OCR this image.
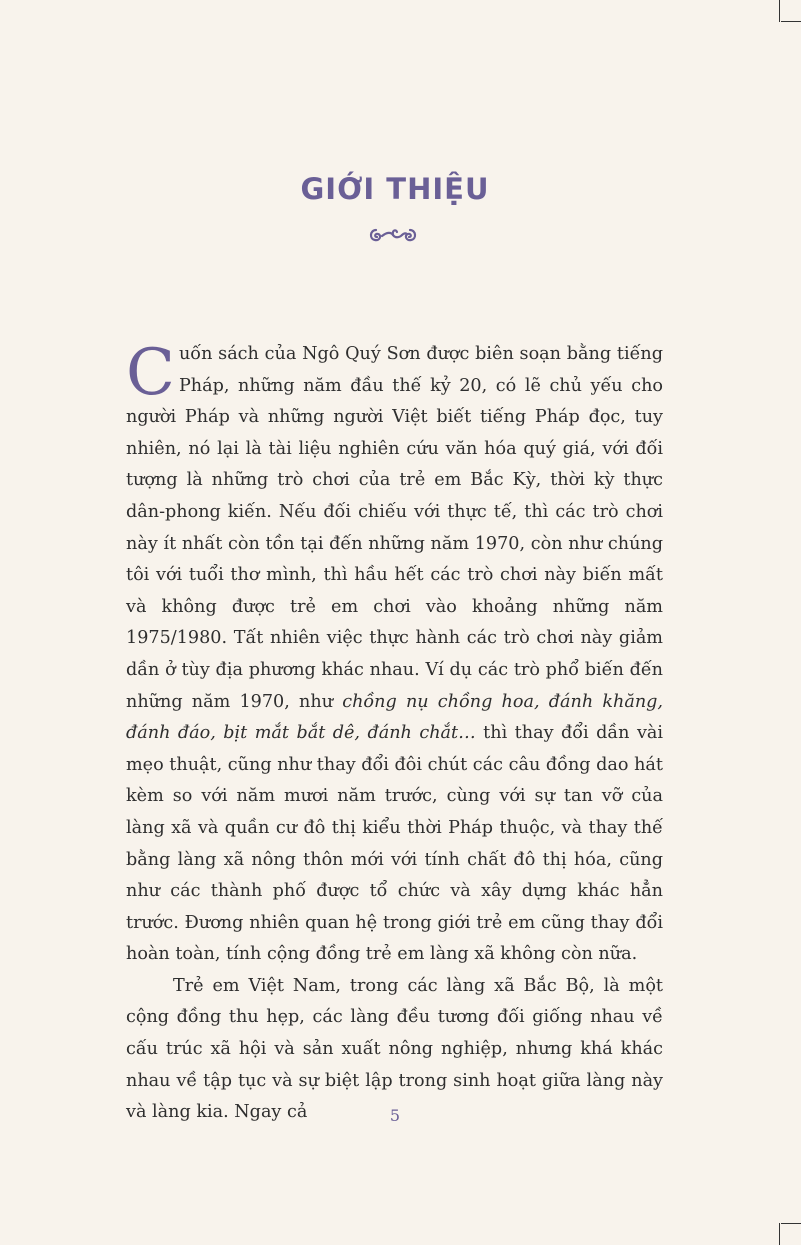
GIỚI THIỆU

Cuốn sách của Ngô Quý Sơn được biên soạn bằng tiếng Pháp, những năm đầu thế kỷ 20, có lẽ chủ yếu cho người Pháp và những người Việt biết tiếng Pháp đọc, tuy nhiên, nó lại là tài liệu nghiên cứu văn hóa quý giá, với đối tượng là những trò chơi của trẻ em Bắc Kỳ, thời kỳ thực dân-phong kiến. Nếu đối chiếu với thực tế, thì các trò chơi này ít nhất còn tồn tại đến những năm 1970, còn như chúng tôi với tuổi thơ mình, thì hầu hết các trò chơi này biến mất và không được trẻ em chơi vào khoảng những năm 1975/1980. Tất nhiên việc thực hành các trò chơi này giảm dần ở tùy địa phương khác nhau. Ví dụ các trò phổ biến đến những năm 1970, như chồng nụ chồng hoa, đánh khăng, đánh đáo, bịt mắt bắt dê, đánh chắt… thì thay đổi dần vài mẹo thuật, cũng như thay đổi đôi chút các câu đồng dao hát kèm so với năm mươi năm trước, cùng với sự tan vỡ của làng xã và quần cư đô thị kiểu thời Pháp thuộc, và thay thế bằng làng xã nông thôn mới với tính chất đô thị hóa, cũng như các thành phố được tổ chức và xây dựng khác hẳn trước. Đương nhiên quan hệ trong giới trẻ em cũng thay đổi hoàn toàn, tính cộng đồng trẻ em làng xã không còn nữa.

Trẻ em Việt Nam, trong các làng xã Bắc Bộ, là một cộng đồng thu hẹp, các làng đều tương đối giống nhau về cấu trúc xã hội và sản xuất nông nghiệp, nhưng khá khác nhau về tập tục và sự biệt lập trong sinh hoạt giữa làng này và làng kia. Ngay cả	5
